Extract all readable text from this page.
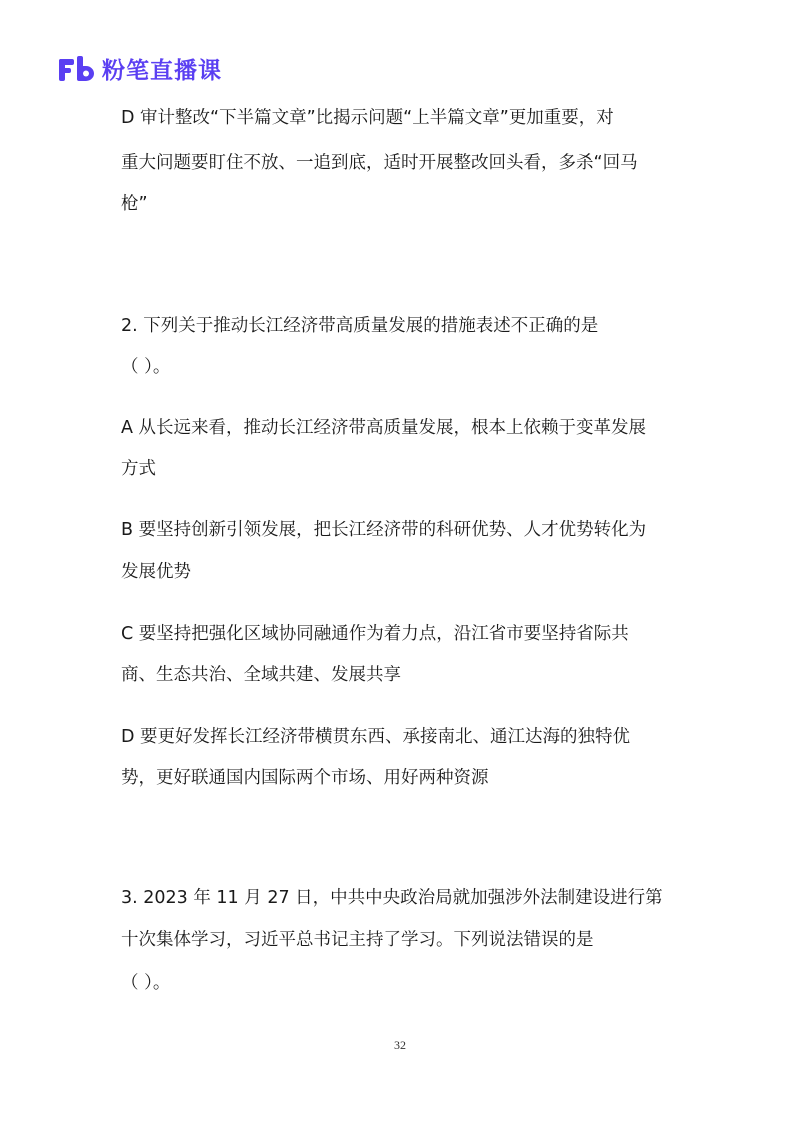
粉笔直播课
D 审计整改“下半篇文章”比揭示问题“上半篇文章”更加重要，对
重大问题要盯住不放、一追到底，适时开展整改回头看，多杀“回马
枪”
2. 下列关于推动长江经济带高质量发展的措施表述不正确的是
（ ）。
A 从长远来看，推动长江经济带高质量发展，根本上依赖于变革发展
方式
B 要坚持创新引领发展，把长江经济带的科研优势、人才优势转化为
发展优势
C 要坚持把强化区域协同融通作为着力点，沿江省市要坚持省际共
商、生态共治、全域共建、发展共享
D 要更好发挥长江经济带横贯东西、承接南北、通江达海的独特优
势，更好联通国内国际两个市场、用好两种资源
3. 2023 年 11 月 27 日，中共中央政治局就加强涉外法制建设进行第
十次集体学习，习近平总书记主持了学习。下列说法错误的是
（ ）。
32
